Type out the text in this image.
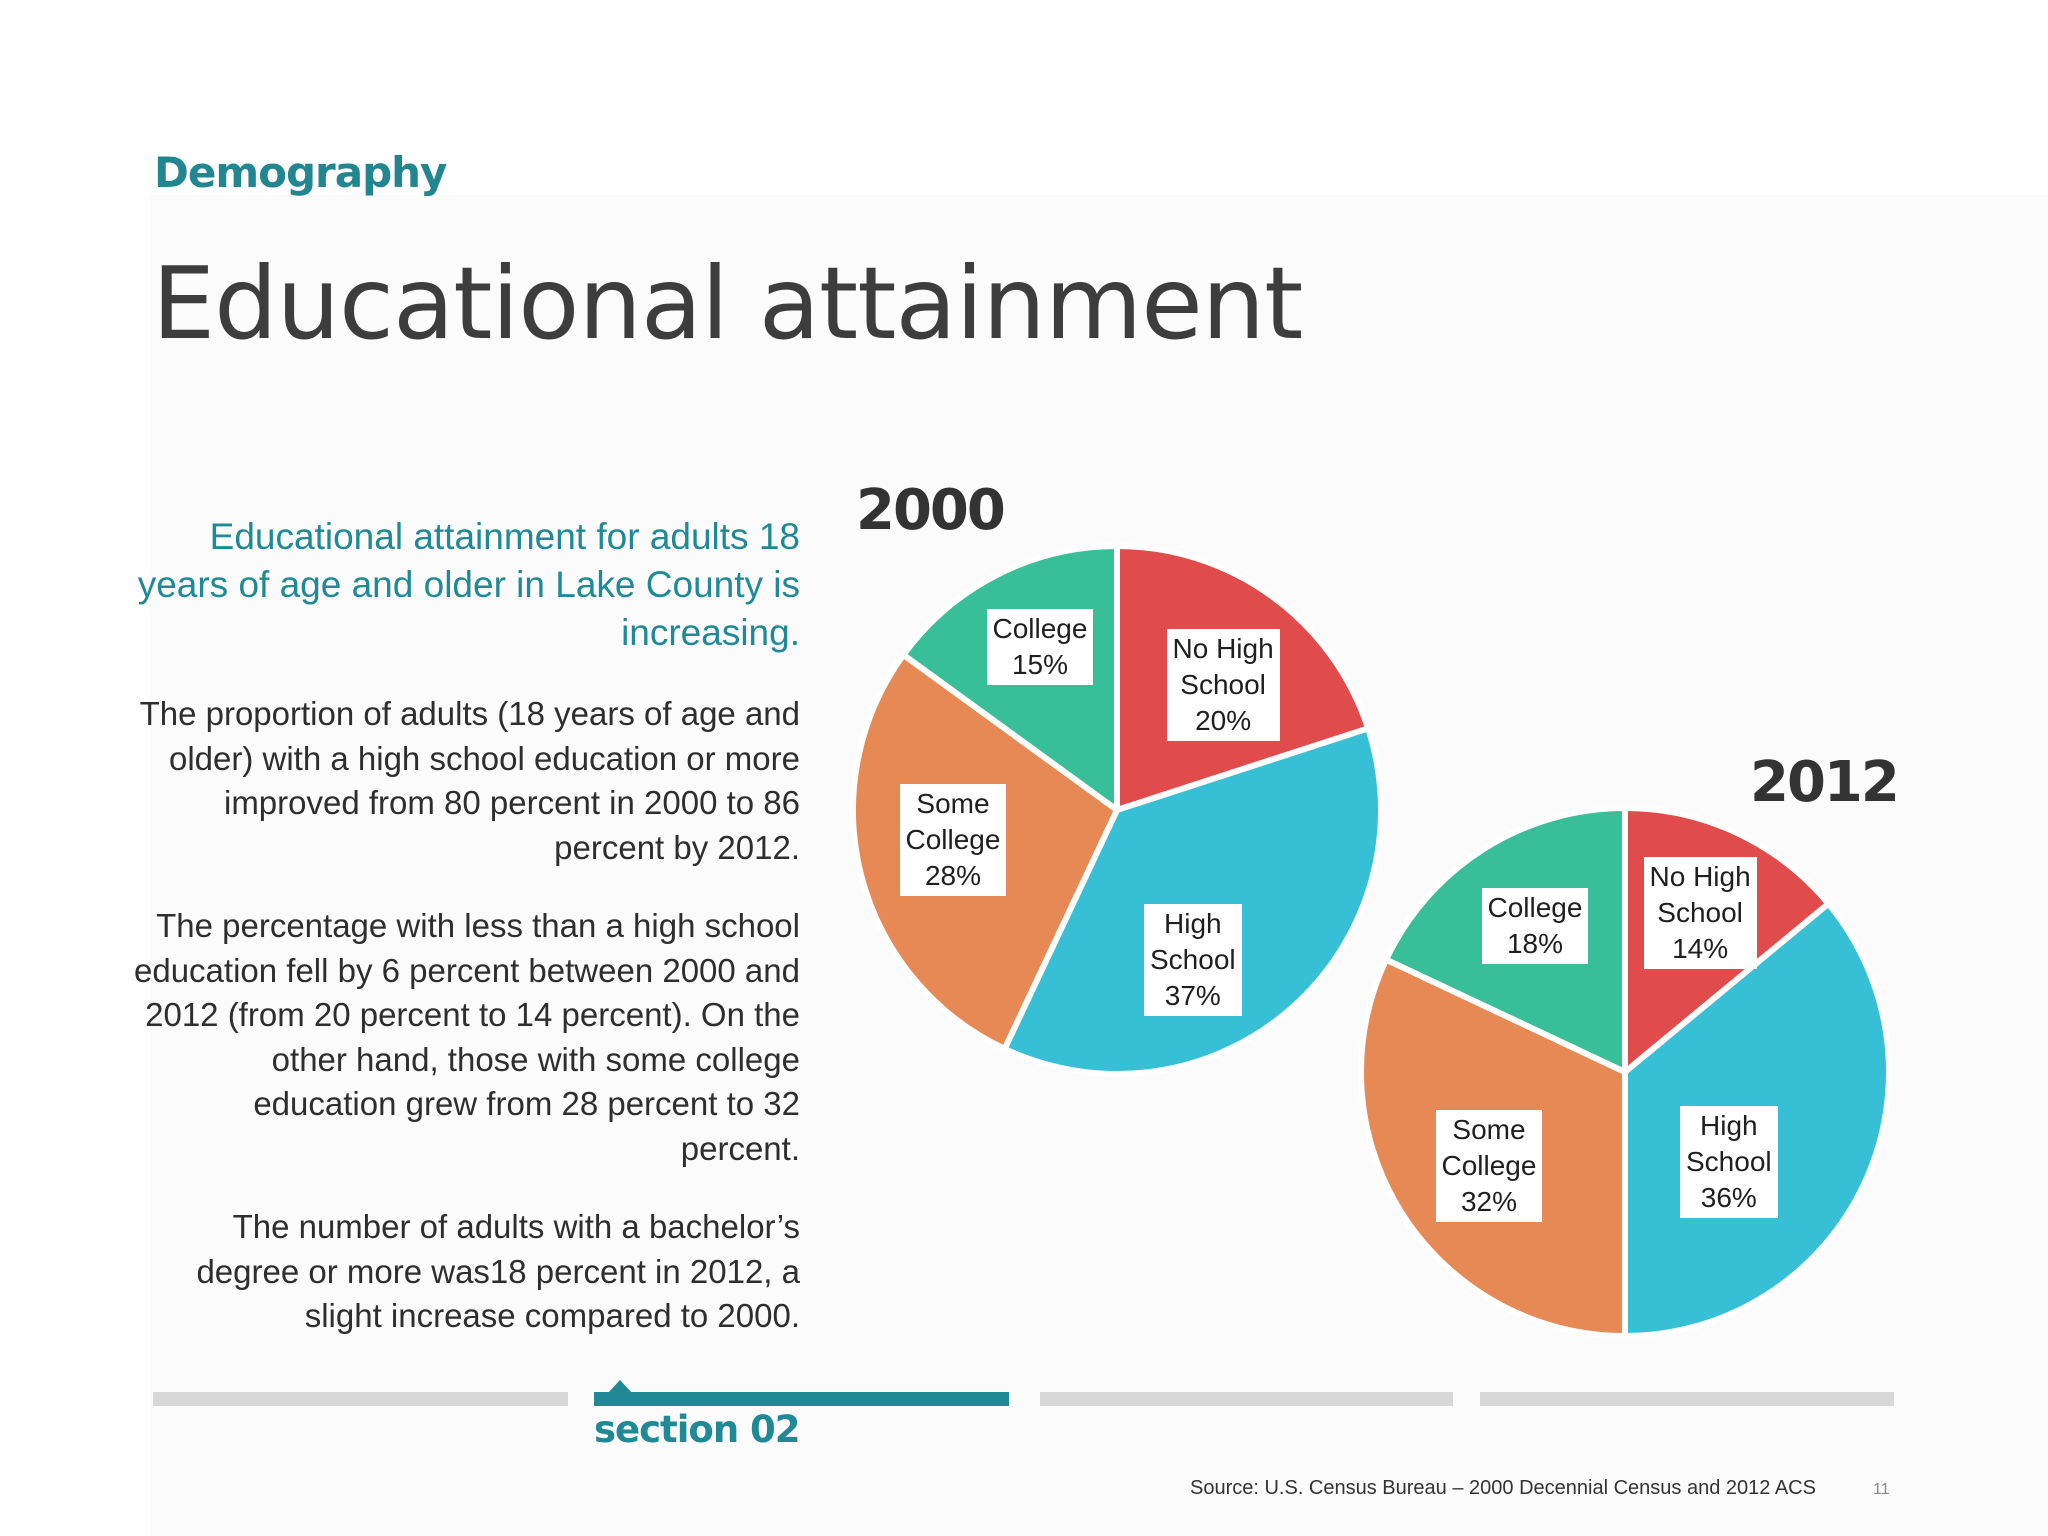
Demography
Educational attainment
Educational attainment for adults 18 years of age and older in Lake County is increasing.
The proportion of adults (18 years of age and older) with a high school education or more improved from 80 percent in 2000 to 86 percent by 2012.
The percentage with less than a high school education fell by 6 percent between 2000 and 2012 (from 20 percent to 14 percent). On the other hand, those with some college education grew from 28 percent to 32 percent.
The number of adults with a bachelor’s degree or more was18 percent in 2012, a slight increase compared to 2000.
2000
2012
No High
School
20%
High
School
37%
Some
College
28%
College
15%
No High
School
14%
High
School
36%
Some
College
32%
College
18%
section 02
Source: U.S. Census Bureau – 2000 Decennial Census and 2012 ACS	11
